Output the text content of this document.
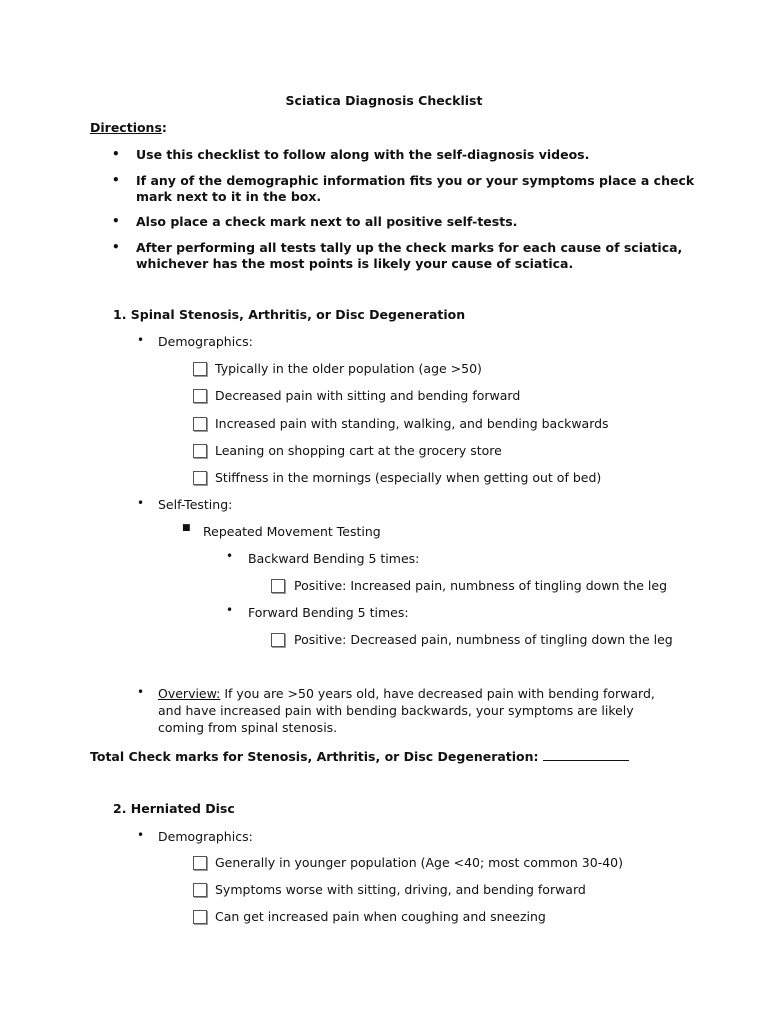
Sciatica Diagnosis Checklist
Directions:
• Use this checklist to follow along with the self-diagnosis videos.
• If any of the demographic information fits you or your symptoms place a check
mark next to it in the box.
• Also place a check mark next to all positive self-tests.
• After performing all tests tally up the check marks for each cause of sciatica,
whichever has the most points is likely your cause of sciatica.
1. Spinal Stenosis, Arthritis, or Disc Degeneration
• Demographics:
Typically in the older population (age >50)
Decreased pain with sitting and bending forward
Increased pain with standing, walking, and bending backwards
Leaning on shopping cart at the grocery store
Stiffness in the mornings (especially when getting out of bed)
• Self-Testing:
■ Repeated Movement Testing
• Backward Bending 5 times:
Positive: Increased pain, numbness of tingling down the leg
• Forward Bending 5 times:
Positive: Decreased pain, numbness of tingling down the leg
• Overview: If you are >50 years old, have decreased pain with bending forward, and have increased pain with bending backwards, your symptoms are likely coming from spinal stenosis.
Total Check marks for Stenosis, Arthritis, or Disc Degeneration:
2. Herniated Disc
• Demographics:
Generally in younger population (Age <40; most common 30-40)
Symptoms worse with sitting, driving, and bending forward
Can get increased pain when coughing and sneezing
